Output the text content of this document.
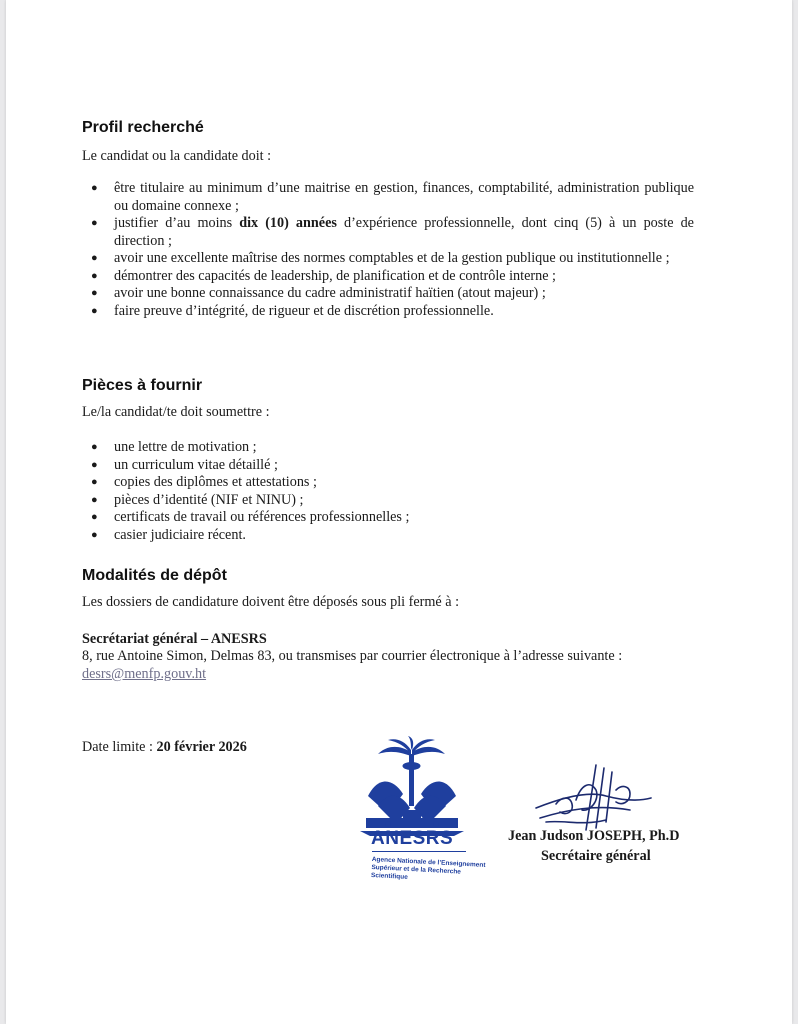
Profil recherché

Le candidat ou la candidate doit :

● être titulaire au minimum d’une maitrise en gestion, finances, comptabilité, administration publique ou domaine connexe ;
● justifier d’au moins dix (10) années d’expérience professionnelle, dont cinq (5) à un poste de direction ;
● avoir une excellente maîtrise des normes comptables et de la gestion publique ou institutionnelle ;
● démontrer des capacités de leadership, de planification et de contrôle interne ;
● avoir une bonne connaissance du cadre administratif haïtien (atout majeur) ;
● faire preuve d’intégrité, de rigueur et de discrétion professionnelle.
Pièces à fournir

Le/la candidat/te doit soumettre :

● une lettre de motivation ;
● un curriculum vitae détaillé ;
● copies des diplômes et attestations ;
● pièces d’identité (NIF et NINU) ;
● certificats de travail ou références professionnelles ;
● casier judiciaire récent.
Modalités de dépôt

Les dossiers de candidature doivent être déposés sous pli fermé à :

Secrétariat général – ANESRS

8, rue Antoine Simon, Delmas 83, ou transmises par courrier électronique à l’adresse suivante :

desrs@menfp.gouv.ht

Date limite : 20 février 2026

ANESRS
Agence Nationale de l’Enseignement Supérieur et de la Recherche Scientifique
Jean Judson JOSEPH, Ph.D
Secrétaire général
